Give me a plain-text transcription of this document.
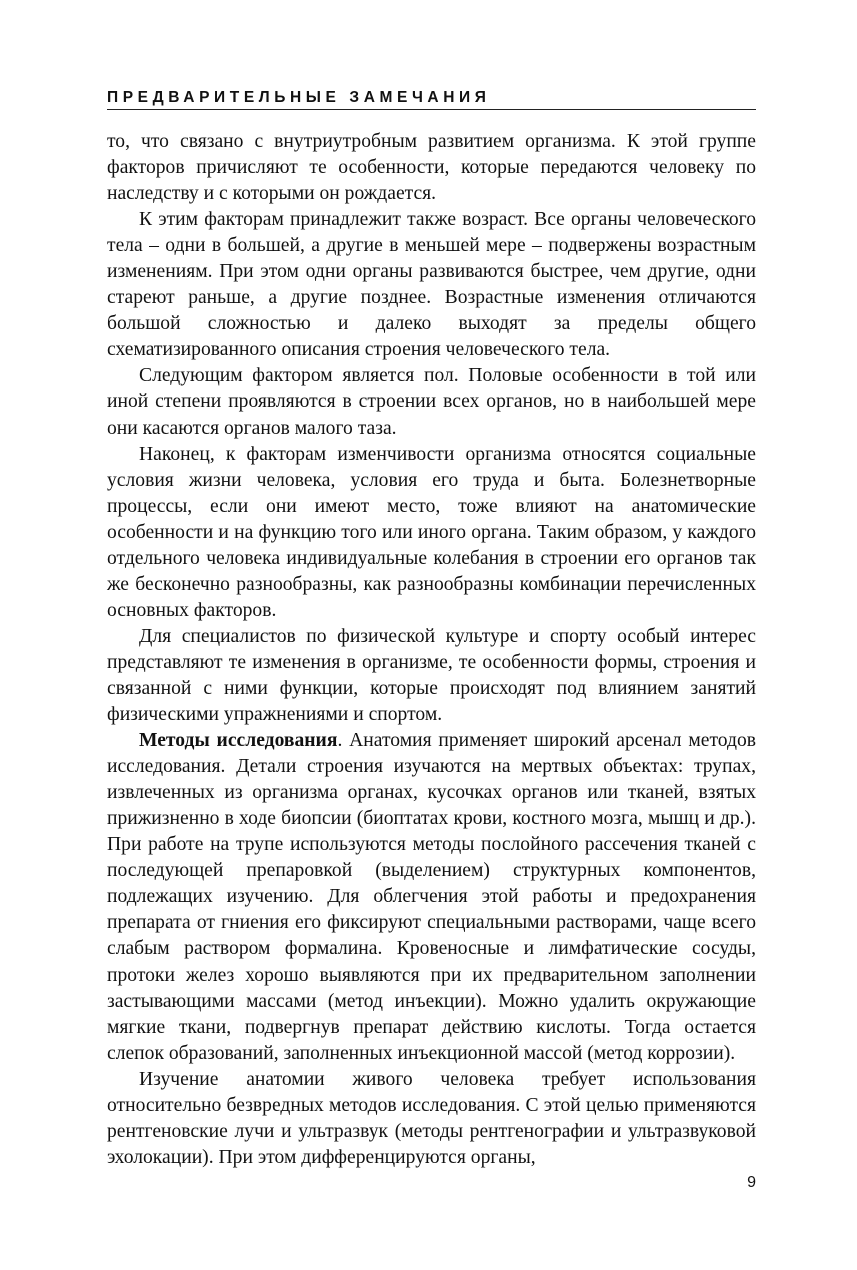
ПРЕДВАРИТЕЛЬНЫЕ ЗАМЕЧАНИЯ

то, что связано с внутриутробным развитием организма. К этой группе факторов причисляют те особенности, которые передаются человеку по наследству и с которыми он рождается.

К этим факторам принадлежит также возраст. Все органы человеческого тела – одни в большей, а другие в меньшей мере – подвержены возрастным изменениям. При этом одни органы развиваются быстрее, чем другие, одни стареют раньше, а другие позднее. Возрастные изменения отличаются большой сложностью и далеко выходят за пределы общего схематизированного описания строения человеческого тела.

Следующим фактором является пол. Половые особенности в той или иной степени проявляются в строении всех органов, но в наибольшей мере они касаются органов малого таза.

Наконец, к факторам изменчивости организма относятся социальные условия жизни человека, условия его труда и быта. Болезнетворные процессы, если они имеют место, тоже влияют на анатомические особенности и на функцию того или иного органа. Таким образом, у каждого отдельного человека индивидуальные колебания в строении его органов так же бесконечно разнообразны, как разнообразны комбинации перечисленных основных факторов.

Для специалистов по физической культуре и спорту особый интерес представляют те изменения в организме, те особенности формы, строения и связанной с ними функции, которые происходят под влиянием занятий физическими упражнениями и спортом.

Методы исследования. Анатомия применяет широкий арсенал методов исследования. Детали строения изучаются на мертвых объектах: трупах, извлеченных из организма органах, кусочках органов или тканей, взятых прижизненно в ходе биопсии (биоптатах крови, костного мозга, мышц и др.). При работе на трупе используются методы послойного рассечения тканей с последующей препаровкой (выделением) структурных компонентов, подлежащих изучению. Для облегчения этой работы и предохранения препарата от гниения его фиксируют специальными растворами, чаще всего слабым раствором формалина. Кровеносные и лимфатические сосуды, протоки желез хорошо выявляются при их предварительном заполнении застывающими массами (метод инъекции). Можно удалить окружающие мягкие ткани, подвергнув препарат действию кислоты. Тогда остается слепок образований, заполненных инъекционной массой (метод коррозии).

Изучение анатомии живого человека требует использования относительно безвредных методов исследования. С этой целью применяются рентгеновские лучи и ультразвук (методы рентгенографии и ультразвуковой эхолокации). При этом дифференцируются органы,

9
